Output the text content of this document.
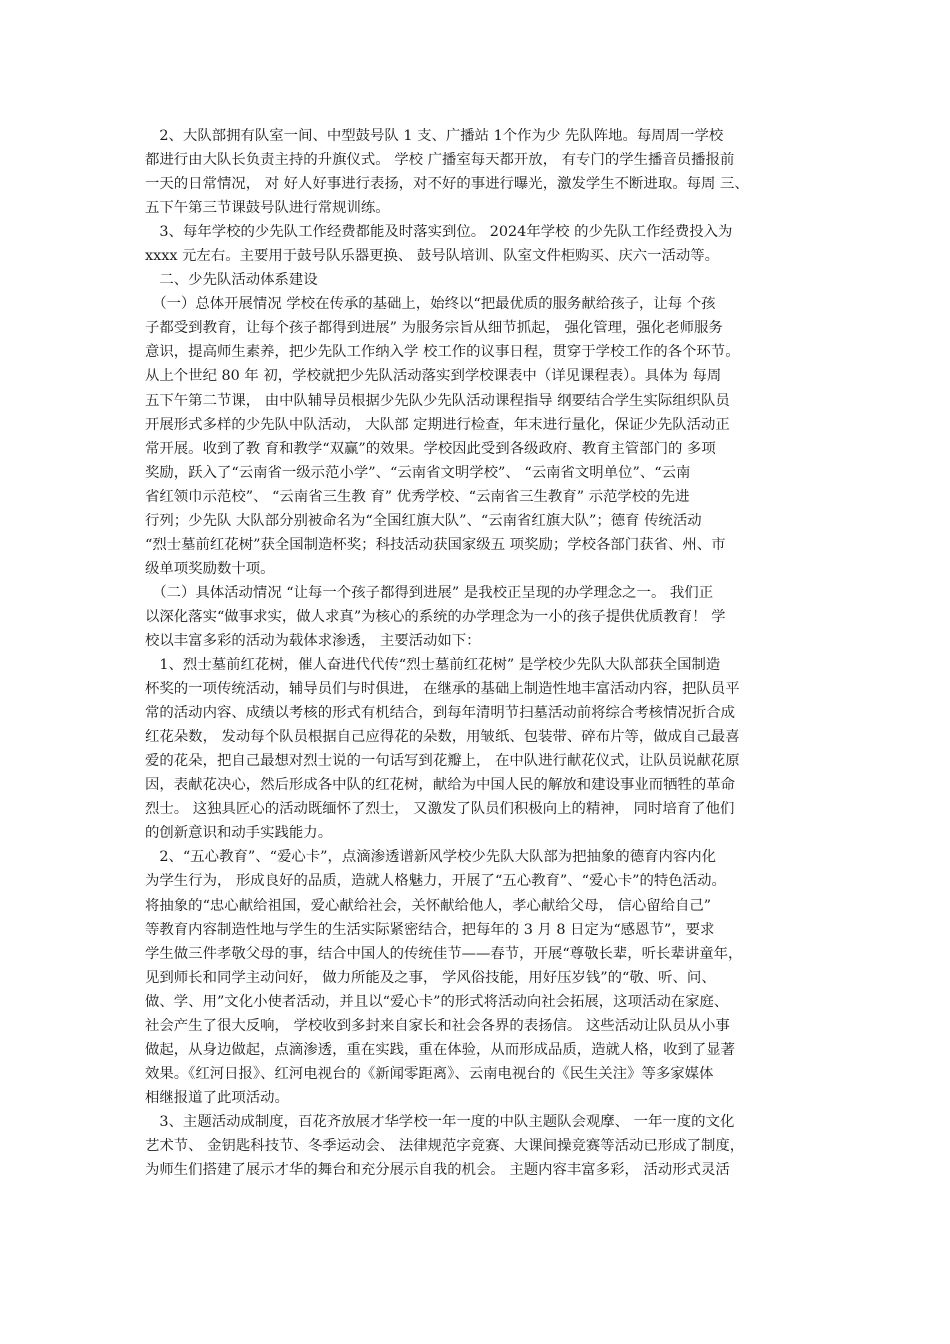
　2、大队部拥有队室一间、中型鼓号队 1 支、广播站 1个作为少 先队阵地。每周周一学校
都进行由大队长负责主持的升旗仪式。 学校 广播室每天都开放， 有专门的学生播音员播报前
一天的日常情况， 对 好人好事进行表扬，对不好的事进行曝光，激发学生不断进取。每周 三、
五下午第三节课鼓号队进行常规训练。
　3、每年学校的少先队工作经费都能及时落实到位。 2024年学校 的少先队工作经费投入为
xxxx 元左右。主要用于鼓号队乐器更换、 鼓号队培训、队室文件柜购买、庆六一活动等。
　二、少先队活动体系建设
　（一）总体开展情况 学校在传承的基础上，始终以“把最优质的服务献给孩子，让每 个孩
子都受到教育，让每个孩子都得到进展” 为服务宗旨从细节抓起， 强化管理，强化老师服务
意识，提高师生素养，把少先队工作纳入学 校工作的议事日程，贯穿于学校工作的各个环节。
从上个世纪 80 年 初，学校就把少先队活动落实到学校课表中（详见课程表）。具体为 每周
五下午第二节课， 由中队辅导员根据少先队少先队活动课程指导 纲要结合学生实际组织队员
开展形式多样的少先队中队活动， 大队部 定期进行检查，年末进行量化，保证少先队活动正
常开展。收到了教 育和教学“双赢”的效果。学校因此受到各级政府、教育主管部门的 多项
奖励，跃入了“云南省一级示范小学”、“云南省文明学校”、 “云南省文明单位”、“云南
省红领巾示范校”、 “云南省三生教 育” 优秀学校、“云南省三生教育” 示范学校的先进
行列；少先队 大队部分别被命名为“全国红旗大队”、“云南省红旗大队”；德育 传统活动
“烈士墓前红花树”获全国制造杯奖；科技活动获国家级五 项奖励；学校各部门获省、州、市
级单项奖励数十项。
　（二）具体活动情况 “让每一个孩子都得到进展” 是我校正呈现的办学理念之一。 我们正
以深化落实“做事求实，做人求真”为核心的系统的办学理念为一小的孩子提供优质教育！ 学
校以丰富多彩的活动为载体求渗透， 主要活动如下：
　1、烈士墓前红花树，催人奋进代代传“烈士墓前红花树” 是学校少先队大队部获全国制造
杯奖的一项传统活动，辅导员们与时俱进， 在继承的基础上制造性地丰富活动内容，把队员平
常的活动内容、成绩以考核的形式有机结合，到每年清明节扫墓活动前将综合考核情况折合成
红花朵数， 发动每个队员根据自己应得花的朵数，用皱纸、包装带、碎布片等，做成自己最喜
爱的花朵，把自己最想对烈士说的一句话写到花瓣上， 在中队进行献花仪式，让队员说献花原
因，表献花决心，然后形成各中队的红花树，献给为中国人民的解放和建设事业而牺牲的革命
烈士。 这独具匠心的活动既缅怀了烈士， 又激发了队员们积极向上的精神， 同时培育了他们
的创新意识和动手实践能力。
　2、“五心教育”、“爱心卡”，点滴渗透谱新风学校少先队大队部为把抽象的德育内容内化
为学生行为， 形成良好的品质，造就人格魅力，开展了“五心教育”、“爱心卡”的特色活动。
将抽象的“忠心献给祖国，爱心献给社会，关怀献给他人，孝心献给父母， 信心留给自己”
等教育内容制造性地与学生的生活实际紧密结合，把每年的 3 月 8 日定为“感恩节”，要求
学生做三件孝敬父母的事，结合中国人的传统佳节——春节，开展“尊敬长辈，听长辈讲童年，
见到师长和同学主动问好， 做力所能及之事， 学风俗技能，用好压岁钱”的“敬、听、问、
做、学、用”文化小使者活动，并且以“爱心卡”的形式将活动向社会拓展，这项活动在家庭、
社会产生了很大反响， 学校收到多封来自家长和社会各界的表扬信。 这些活动让队员从小事
做起，从身边做起，点滴渗透，重在实践，重在体验，从而形成品质，造就人格，收到了显著
效果。《红河日报》、红河电视台的《新闻零距离》、云南电视台的《民生关注》等多家媒体
相继报道了此项活动。
　3、主题活动成制度，百花齐放展才华学校一年一度的中队主题队会观摩、 一年一度的文化
艺术节、 金钥匙科技节、冬季运动会、 法律规范字竞赛、大课间操竞赛等活动已形成了制度，
为师生们搭建了展示才华的舞台和充分展示自我的机会。 主题内容丰富多彩， 活动形式灵活
